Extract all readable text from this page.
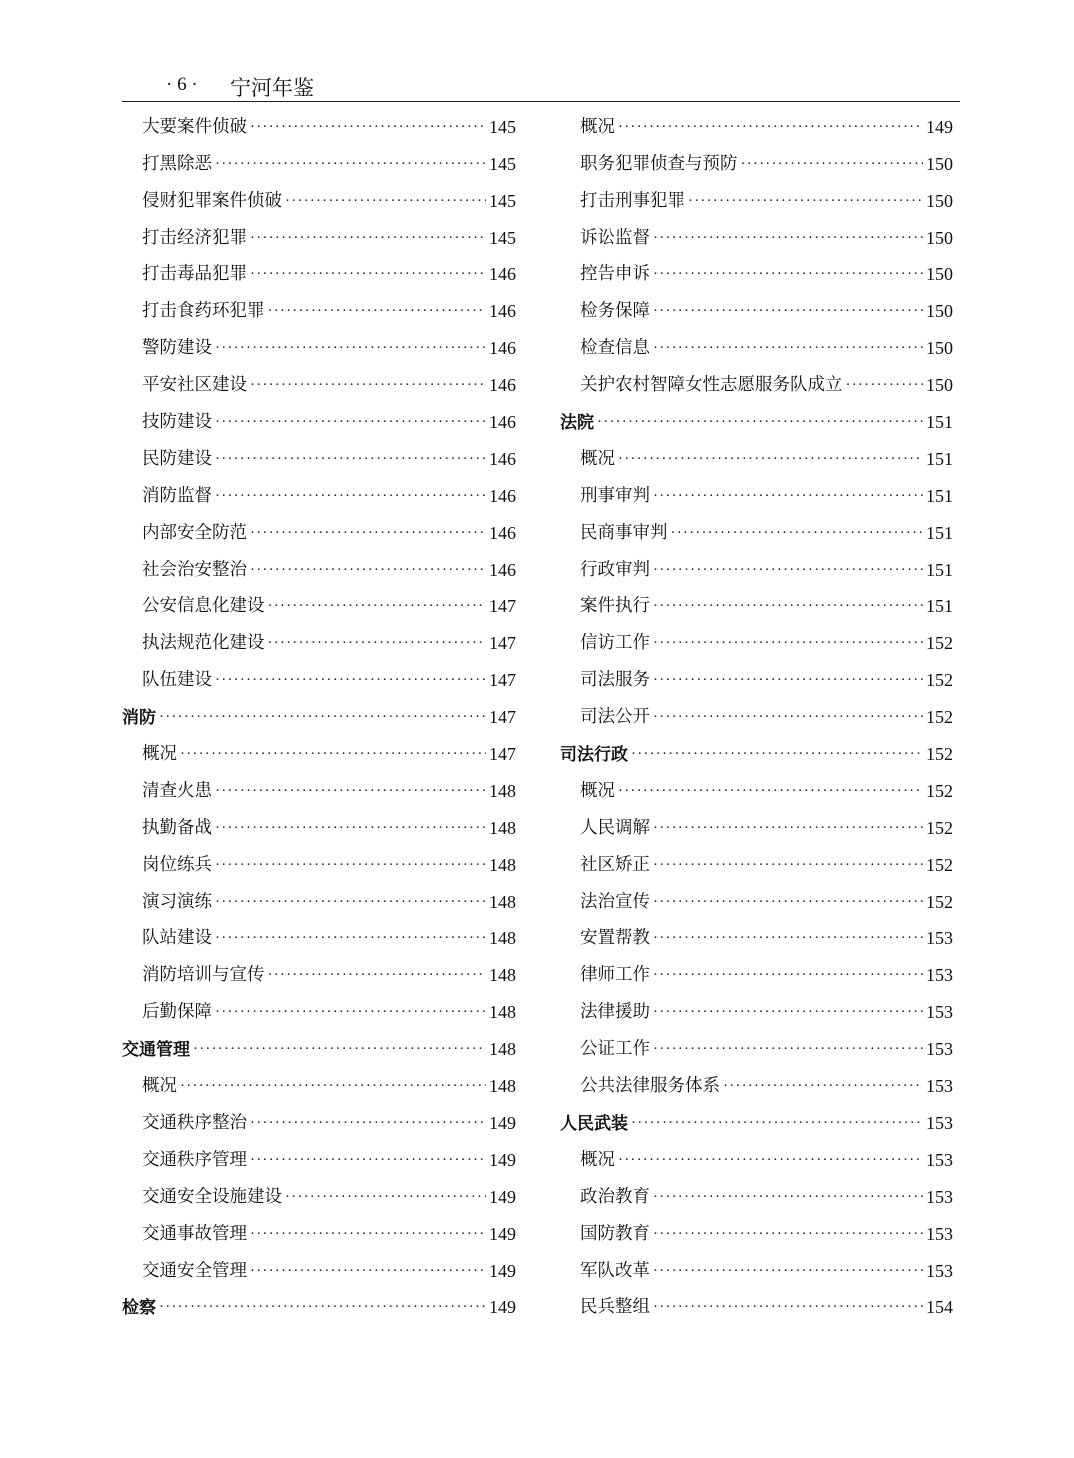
· 6 · 宁河年鉴
大要案件侦破 ·····	145
打黑除恶 ·····	145
侵财犯罪案件侦破 ·····	145
打击经济犯罪 ·····	145
打击毒品犯罪 ·····	146
打击食药环犯罪 ·····	146
警防建设 ·····	146
平安社区建设 ·····	146
技防建设 ·····	146
民防建设 ·····	146
消防监督 ·····	146
内部安全防范 ·····	146
社会治安整治 ·····	146
公安信息化建设 ·····	147
执法规范化建设 ·····	147
队伍建设 ·····	147
消防 ·····	147
概况 ·····	147
清查火患 ·····	148
执勤备战 ·····	148
岗位练兵 ·····	148
演习演练 ·····	148
队站建设 ·····	148
消防培训与宣传 ·····	148
后勤保障 ·····	148
交通管理 ·····	148
概况 ·····	148
交通秩序整治 ·····	149
交通秩序管理 ·····	149
交通安全设施建设 ·····	149
交通事故管理 ·····	149
交通安全管理 ·····	149
检察 ·····	149
概况 ·····	149
职务犯罪侦查与预防 ·····	150
打击刑事犯罪 ·····	150
诉讼监督 ·····	150
控告申诉 ·····	150
检务保障 ·····	150
检查信息 ·····	150
关护农村智障女性志愿服务队成立 ·····	150
法院 ·····	151
概况 ·····	151
刑事审判 ·····	151
民商事审判 ·····	151
行政审判 ·····	151
案件执行 ·····	151
信访工作 ·····	152
司法服务 ·····	152
司法公开 ·····	152
司法行政 ·····	152
概况 ·····	152
人民调解 ·····	152
社区矫正 ·····	152
法治宣传 ·····	152
安置帮教 ·····	153
律师工作 ·····	153
法律援助 ·····	153
公证工作 ·····	153
公共法律服务体系 ·····	153
人民武装 ·····	153
概况 ·····	153
政治教育 ·····	153
国防教育 ·····	153
军队改革 ·····	153
民兵整组 ·····	154
